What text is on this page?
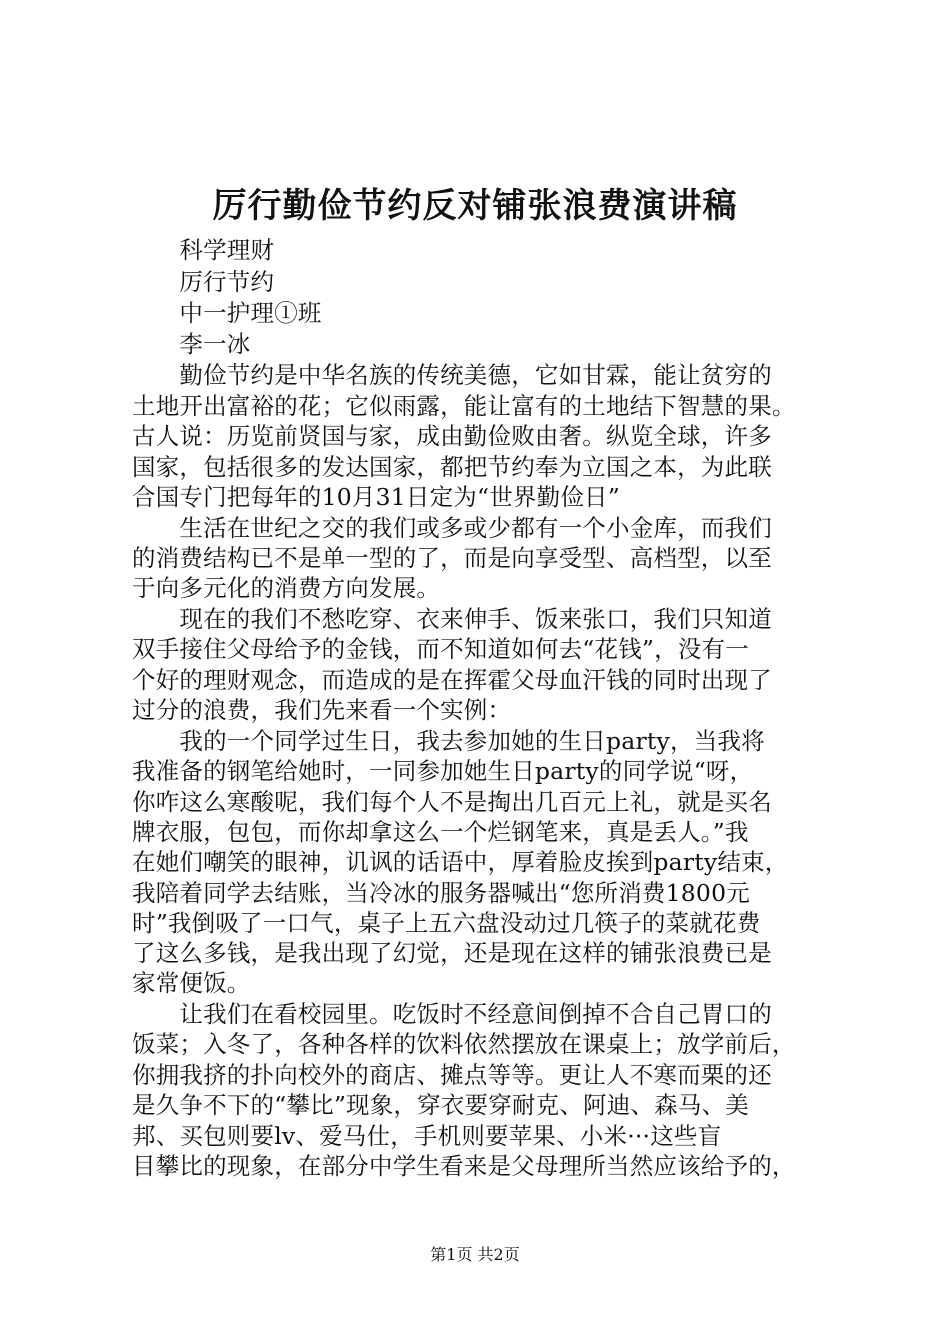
厉行勤俭节约反对铺张浪费演讲稿
　　科学理财
　　厉行节约
　　中一护理①班
　　李一冰
　　勤俭节约是中华名族的传统美德，它如甘霖，能让贫穷的
土地开出富裕的花；它似雨露，能让富有的土地结下智慧的果。
古人说：历览前贤国与家，成由勤俭败由奢。纵览全球，许多
国家，包括很多的发达国家，都把节约奉为立国之本，为此联
合国专门把每年的10月31日定为“世界勤俭日”
　　生活在世纪之交的我们或多或少都有一个小金库，而我们
的消费结构已不是单一型的了，而是向享受型、高档型，以至
于向多元化的消费方向发展。
　　现在的我们不愁吃穿、衣来伸手、饭来张口，我们只知道
双手接住父母给予的金钱，而不知道如何去“花钱”，没有一
个好的理财观念，而造成的是在挥霍父母血汗钱的同时出现了
过分的浪费，我们先来看一个实例：
　　我的一个同学过生日，我去参加她的生日party，当我将
我准备的钢笔给她时，一同参加她生日party的同学说“呀，
你咋这么寒酸呢，我们每个人不是掏出几百元上礼，就是买名
牌衣服，包包，而你却拿这么一个烂钢笔来，真是丢人。”我
在她们嘲笑的眼神，讥讽的话语中，厚着脸皮挨到party结束，
我陪着同学去结账，当冷冰的服务器喊出“您所消费1800元
时”我倒吸了一口气，桌子上五六盘没动过几筷子的菜就花费
了这么多钱，是我出现了幻觉，还是现在这样的铺张浪费已是
家常便饭。
　　让我们在看校园里。吃饭时不经意间倒掉不合自己胃口的
饭菜；入冬了，各种各样的饮料依然摆放在课桌上；放学前后，
你拥我挤的扑向校外的商店、摊点等等。更让人不寒而栗的还
是久争不下的“攀比”现象，穿衣要穿耐克、阿迪、森马、美
邦、买包则要lv、爱马仕，手机则要苹果、小米···这些盲
目攀比的现象，在部分中学生看来是父母理所当然应该给予的，
第1页 共2页
